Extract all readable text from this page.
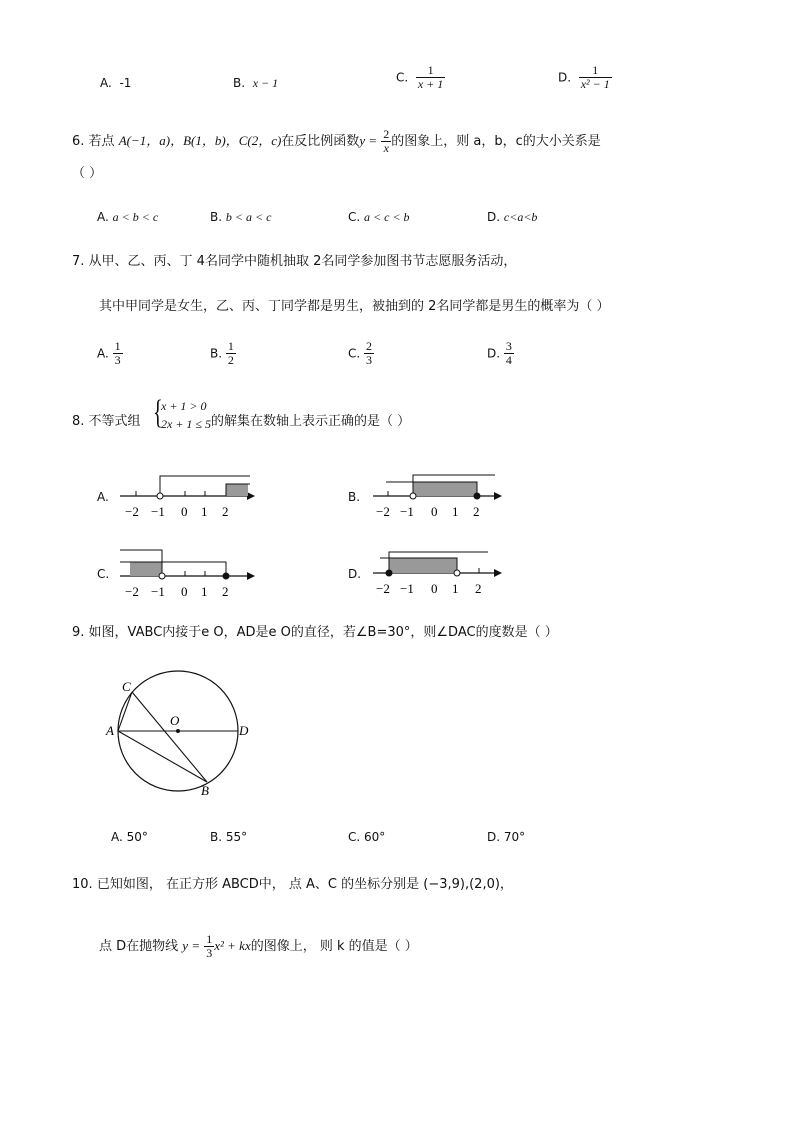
A. -1	B. x − 1	C. $\frac{1}{x + 1}$	D. $\frac{1}{\text{x² − 1}}$
6. 若点 A(−1，a)，B(1，b)，C(2，c)在反比例函数$y = \frac{2}{x}$ 的图象上，则 a，b，c的大小关系是
（ ）
A. a < b < c	B. b < a < c	C. a < c < b	D. c<a<b
7. 从甲、乙、丙、丁 4名同学中随机抽取 2名同学参加图书节志愿服务活动，
其中甲同学是女生，乙、丙、丁同学都是男生，被抽到的 2名同学都是男生的概率为（ ）
A. $\frac{1}{3}$	B. $\frac{1}{2}$	C. $\frac{2}{3}$	D. $\frac{3}{4}$
8. 不等式组 {
x + 1 > 0
2x + 1 ≤ 5 的解集在数轴上表示正确的是（ ）
A.	B.
C.	D.
−2 −1 0 1 2	−2 −1 0 1 2
−2 −1 0 1 2	−2 −1 0 1 2
9. 如图，VABC内接于e O，AD是e O的直径，若∠B=30°，则∠DAC的度数是（ ）
C
O
A	D
B
A. 50°	B. 55°	C. 60°	D. 70°
10. 已知如图， 在正方形 ABCD中， 点 A、C 的坐标分别是 (−3,9),(2,0)，
点 D在抛物线 $y = \frac{1}{3} x^2$ + kx的图像上， 则 k 的值是（ ）
